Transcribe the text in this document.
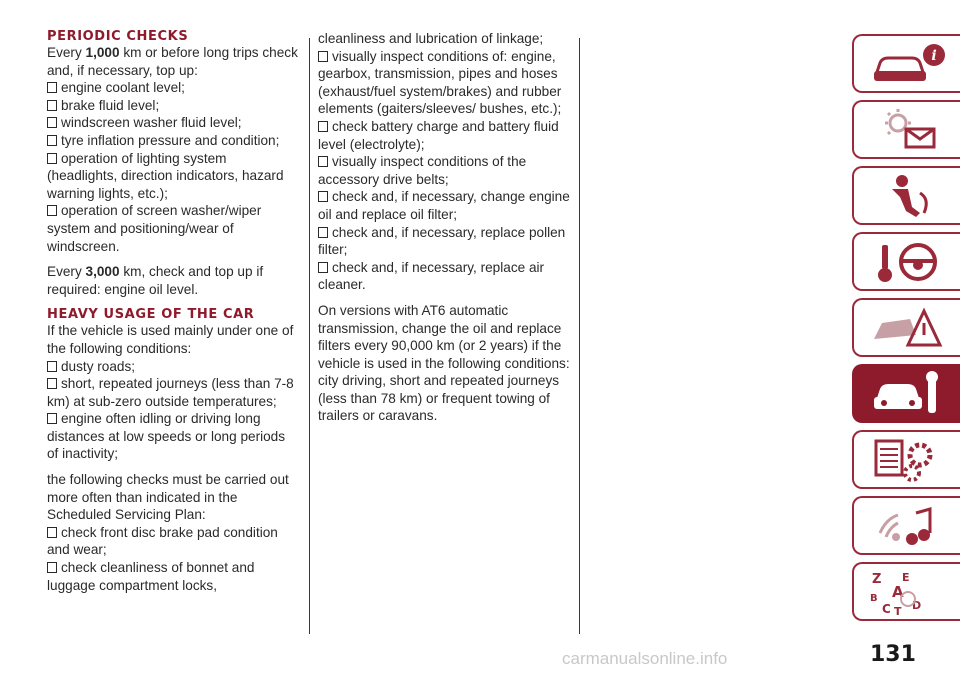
PERIODIC CHECKS
Every 1,000 km or before long trips check and, if necessary, top up:
engine coolant level;
brake fluid level;
windscreen washer fluid level;
tyre inflation pressure and condition;
operation of lighting system (headlights, direction indicators, hazard warning lights, etc.);
operation of screen washer/wiper system and positioning/wear of windscreen.
Every 3,000 km, check and top up if required: engine oil level.
HEAVY USAGE OF THE CAR
If the vehicle is used mainly under one of the following conditions:
dusty roads;
short, repeated journeys (less than 7-8 km) at sub-zero outside temperatures;
engine often idling or driving long distances at low speeds or long periods of inactivity;
the following checks must be carried out more often than indicated in the Scheduled Servicing Plan:
check front disc brake pad condition and wear;
check cleanliness of bonnet and luggage compartment locks,
cleanliness and lubrication of linkage;
visually inspect conditions of: engine, gearbox, transmission, pipes and hoses (exhaust/fuel system/brakes) and rubber elements (gaiters/sleeves/ bushes, etc.);
check battery charge and battery fluid level (electrolyte);
visually inspect conditions of the accessory drive belts;
check and, if necessary, change engine oil and replace oil filter;
check and, if necessary, replace pollen filter;
check and, if necessary, replace air cleaner.
On versions with AT6 automatic transmission, change the oil and replace filters every 90,000 km (or 2 years) if the vehicle is used in the following conditions: city driving, short and repeated journeys (less than 78 km) or frequent towing of trailers or caravans.
i
Z E
A
B
C T D
carmanualsonline.info	131
